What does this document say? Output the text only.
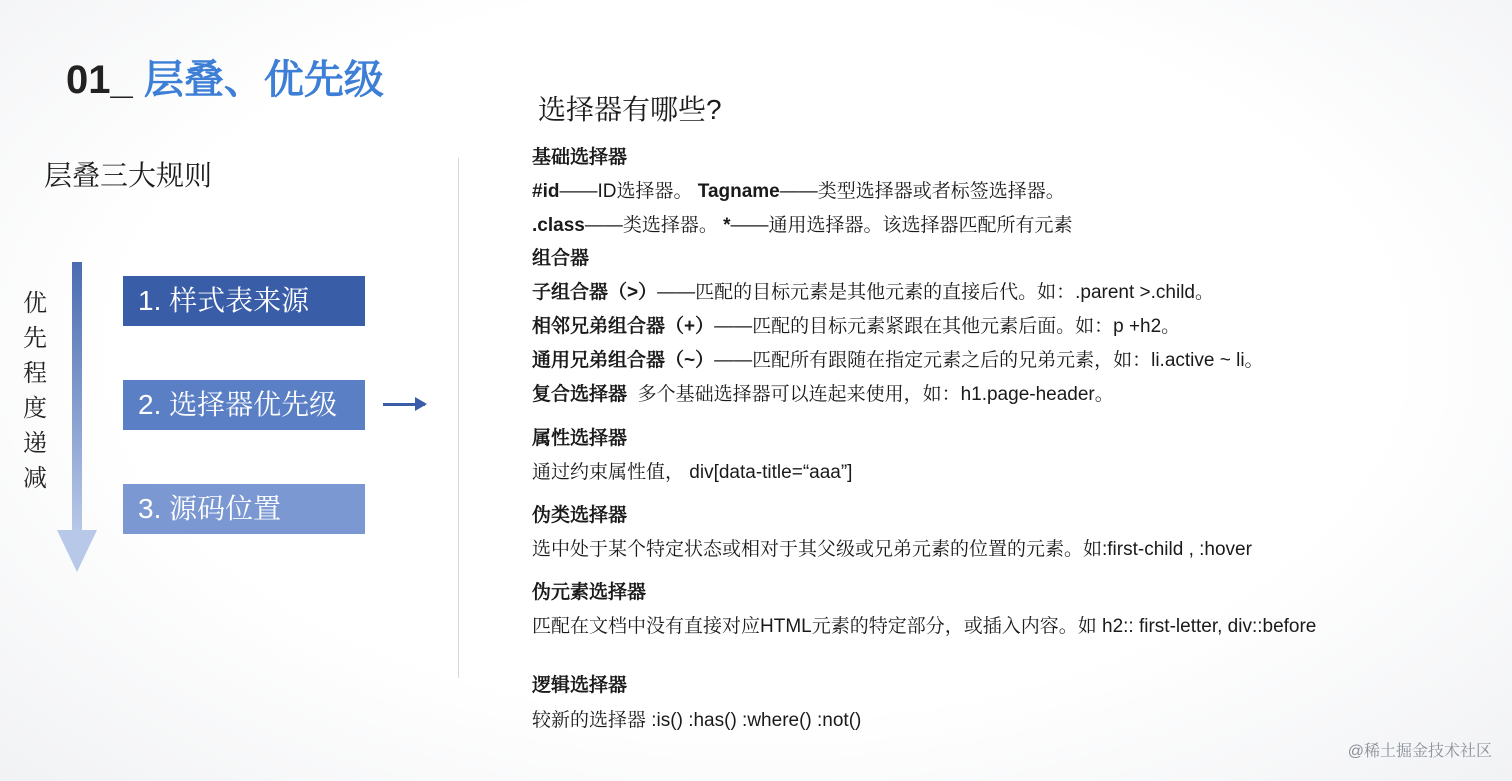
01_ 层叠、优先级
层叠三大规则
优
先
程
度
递
减
1. 样式表来源
2. 选择器优先级
3. 源码位置
选择器有哪些?
基础选择器
#id——ID选择器。 Tagname——类型选择器或者标签选择器。
.class——类选择器。 *——通用选择器。该选择器匹配所有元素
组合器
子组合器（>）——匹配的目标元素是其他元素的直接后代。如：.parent >.child。
相邻兄弟组合器（+）——匹配的目标元素紧跟在其他元素后面。如：p +h2。
通用兄弟组合器（~）——匹配所有跟随在指定元素之后的兄弟元素，如：li.active ~ li。
复合选择器 多个基础选择器可以连起来使用，如：h1.page-header。
属性选择器
通过约束属性值， div[data-title=“aaa”]
伪类选择器
选中处于某个特定状态或相对于其父级或兄弟元素的位置的元素。如:first-child , :hover
伪元素选择器
匹配在文档中没有直接对应HTML元素的特定部分，或插入内容。如 h2:: first-letter, div::before
逻辑选择器
较新的选择器 :is() :has() :where() :not()
@稀土掘金技术社区
